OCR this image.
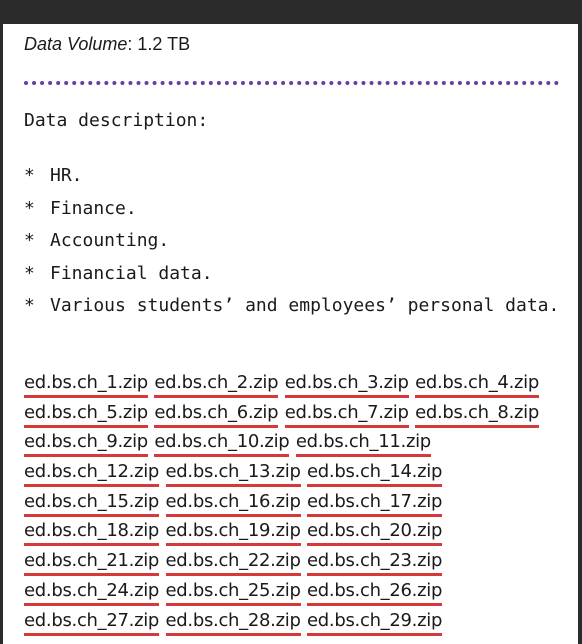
Data Volume: 1.2 TB

Data description:

* HR.
* Finance.
* Accounting.
* Financial data.
* Various students’ and employees’ personal data.
ed.bs.ch_1.zip ed.bs.ch_2.zip ed.bs.ch_3.zip ed.bs.ch_4.zip
ed.bs.ch_5.zip ed.bs.ch_6.zip ed.bs.ch_7.zip ed.bs.ch_8.zip
ed.bs.ch_9.zip ed.bs.ch_10.zip ed.bs.ch_11.zip
ed.bs.ch_12.zip ed.bs.ch_13.zip ed.bs.ch_14.zip
ed.bs.ch_15.zip ed.bs.ch_16.zip ed.bs.ch_17.zip
ed.bs.ch_18.zip ed.bs.ch_19.zip ed.bs.ch_20.zip
ed.bs.ch_21.zip ed.bs.ch_22.zip ed.bs.ch_23.zip
ed.bs.ch_24.zip ed.bs.ch_25.zip ed.bs.ch_26.zip
ed.bs.ch_27.zip ed.bs.ch_28.zip ed.bs.ch_29.zip
